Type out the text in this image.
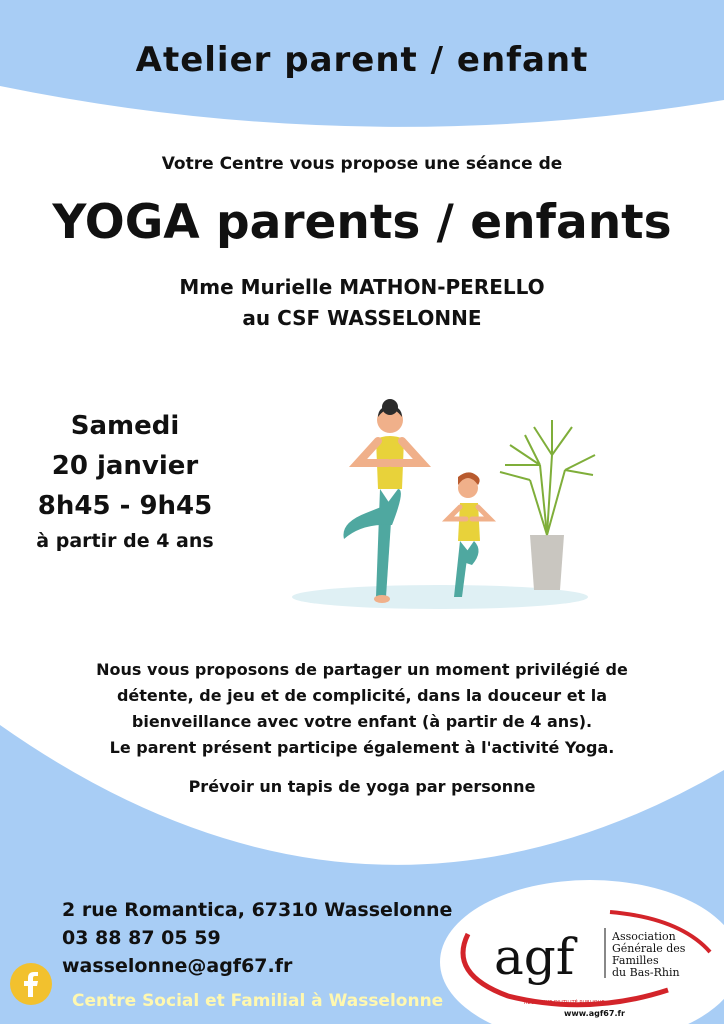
Atelier parent / enfant
Votre Centre vous propose une séance de
YOGA parents / enfants
Mme Murielle MATHON-PERELLO
au CSF WASSELONNE
Samedi
20 janvier
8h45 - 9h45
à partir de 4 ans
Nous vous proposons de partager un moment privilégié de
détente, de jeu et de complicité, dans la douceur et la
bienveillance avec votre enfant (à partir de 4 ans).
Le parent présent participe également à l'activité Yoga.
Prévoir un tapis de yoga par personne
2 rue Romantica, 67310 Wasselonne
03 88 87 05 59
wasselonne@agf67.fr
Centre Social et Familial à Wasselonne
agf	Association
Générale des
Familles
du Bas-Rhin
RECONNUE D'UTILITÉ PUBLIQUE
www.agf67.fr
